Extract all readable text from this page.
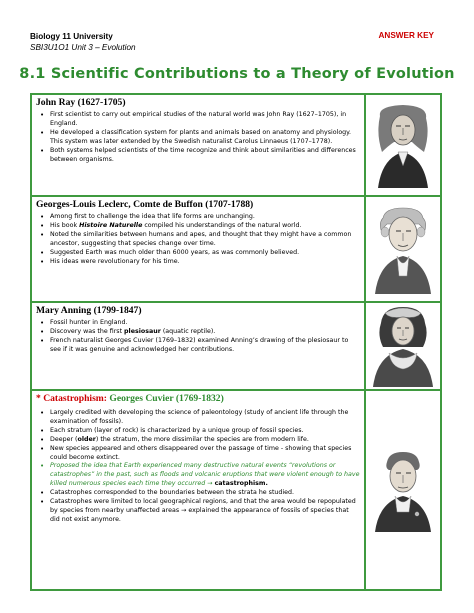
Biology 11 University
SBI3U1O1 Unit 3 – Evolution
ANSWER KEY
8.1 Scientific Contributions to a Theory of Evolution
John Ray (1627-1705)
• First scientist to carry out empirical studies of the natural world was John Ray (1627–1705), in England.
• He developed a classification system for plants and animals based on anatomy and physiology. This system was later extended by the Swedish naturalist Carolus Linnaeus (1707–1778).
• Both systems helped scientists of the time recognize and think about similarities and differences between organisms.
Georges-Louis Leclerc, Comte de Buffon (1707-1788)
• Among first to challenge the idea that life forms are unchanging.
• His book Histoire Naturelle compiled his understandings of the natural world.
• Noted the similarities between humans and apes, and thought that they might have a common ancestor, suggesting that species change over time.
• Suggested Earth was much older than 6000 years, as was commonly believed.
• His ideas were revolutionary for his time.
Mary Anning (1799-1847)
• Fossil hunter in England.
• Discovery was the first plesiosaur (aquatic reptile).
• French naturalist Georges Cuvier (1769–1832) examined Anning’s drawing of the plesiosaur to see if it was genuine and acknowledged her contributions.
* Catastrophism: Georges Cuvier (1769-1832)
• Largely credited with developing the science of paleontology (study of ancient life through the examination of fossils).
• Each stratum (layer of rock) is characterized by a unique group of fossil species.
• Deeper (older) the stratum, the more dissimilar the species are from modern life.
• New species appeared and others disappeared over the passage of time - showing that species could become extinct.
• Proposed the idea that Earth experienced many destructive natural events “revolutions or catastrophes” in the past, such as floods and volcanic eruptions that were violent enough to have killed numerous species each time they occurred → catastrophism.
• Catastrophes corresponded to the boundaries between the strata he studied.
• Catastrophes were limited to local geographical regions, and that the area would be repopulated by species from nearby unaffected areas → explained the appearance of fossils of species that did not exist anymore.
